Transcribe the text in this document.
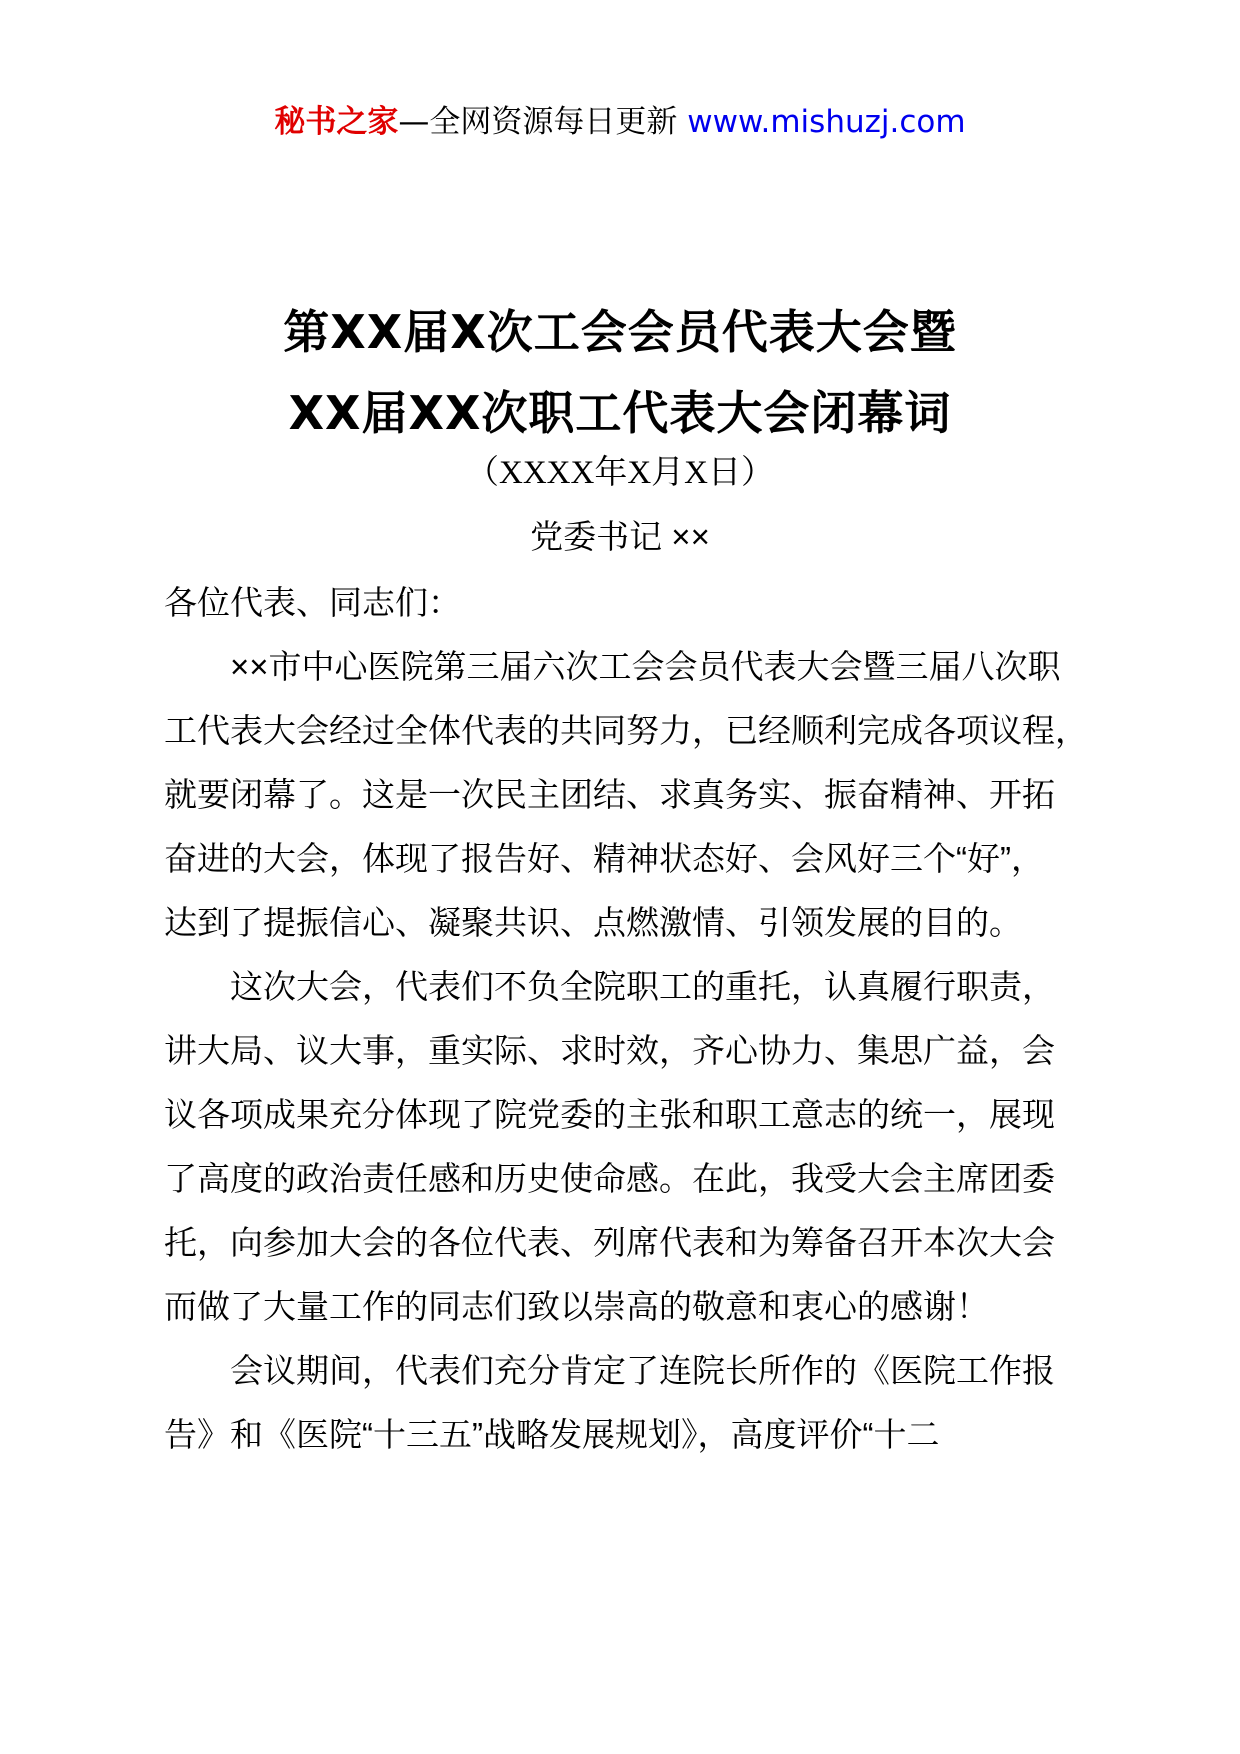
秘书之家—全网资源每日更新 www.mishuzj.com
第XX届X次工会会员代表大会暨
XX届XX次职工代表大会闭幕词
（XXXX年X月X日）
党委书记 ××
各位代表、同志们：
××市中心医院第三届六次工会会员代表大会暨三届八次职
工代表大会经过全体代表的共同努力，已经顺利完成各项议程，
就要闭幕了。这是一次民主团结、求真务实、振奋精神、开拓
奋进的大会，体现了报告好、精神状态好、会风好三个“好”，
达到了提振信心、凝聚共识、点燃激情、引领发展的目的。
这次大会，代表们不负全院职工的重托，认真履行职责，
讲大局、议大事，重实际、求时效，齐心协力、集思广益，会
议各项成果充分体现了院党委的主张和职工意志的统一，展现
了高度的政治责任感和历史使命感。在此，我受大会主席团委
托，向参加大会的各位代表、列席代表和为筹备召开本次大会
而做了大量工作的同志们致以崇高的敬意和衷心的感谢！
会议期间，代表们充分肯定了连院长所作的《医院工作报
告》和《医院“十三五”战略发展规划》，高度评价“十二
